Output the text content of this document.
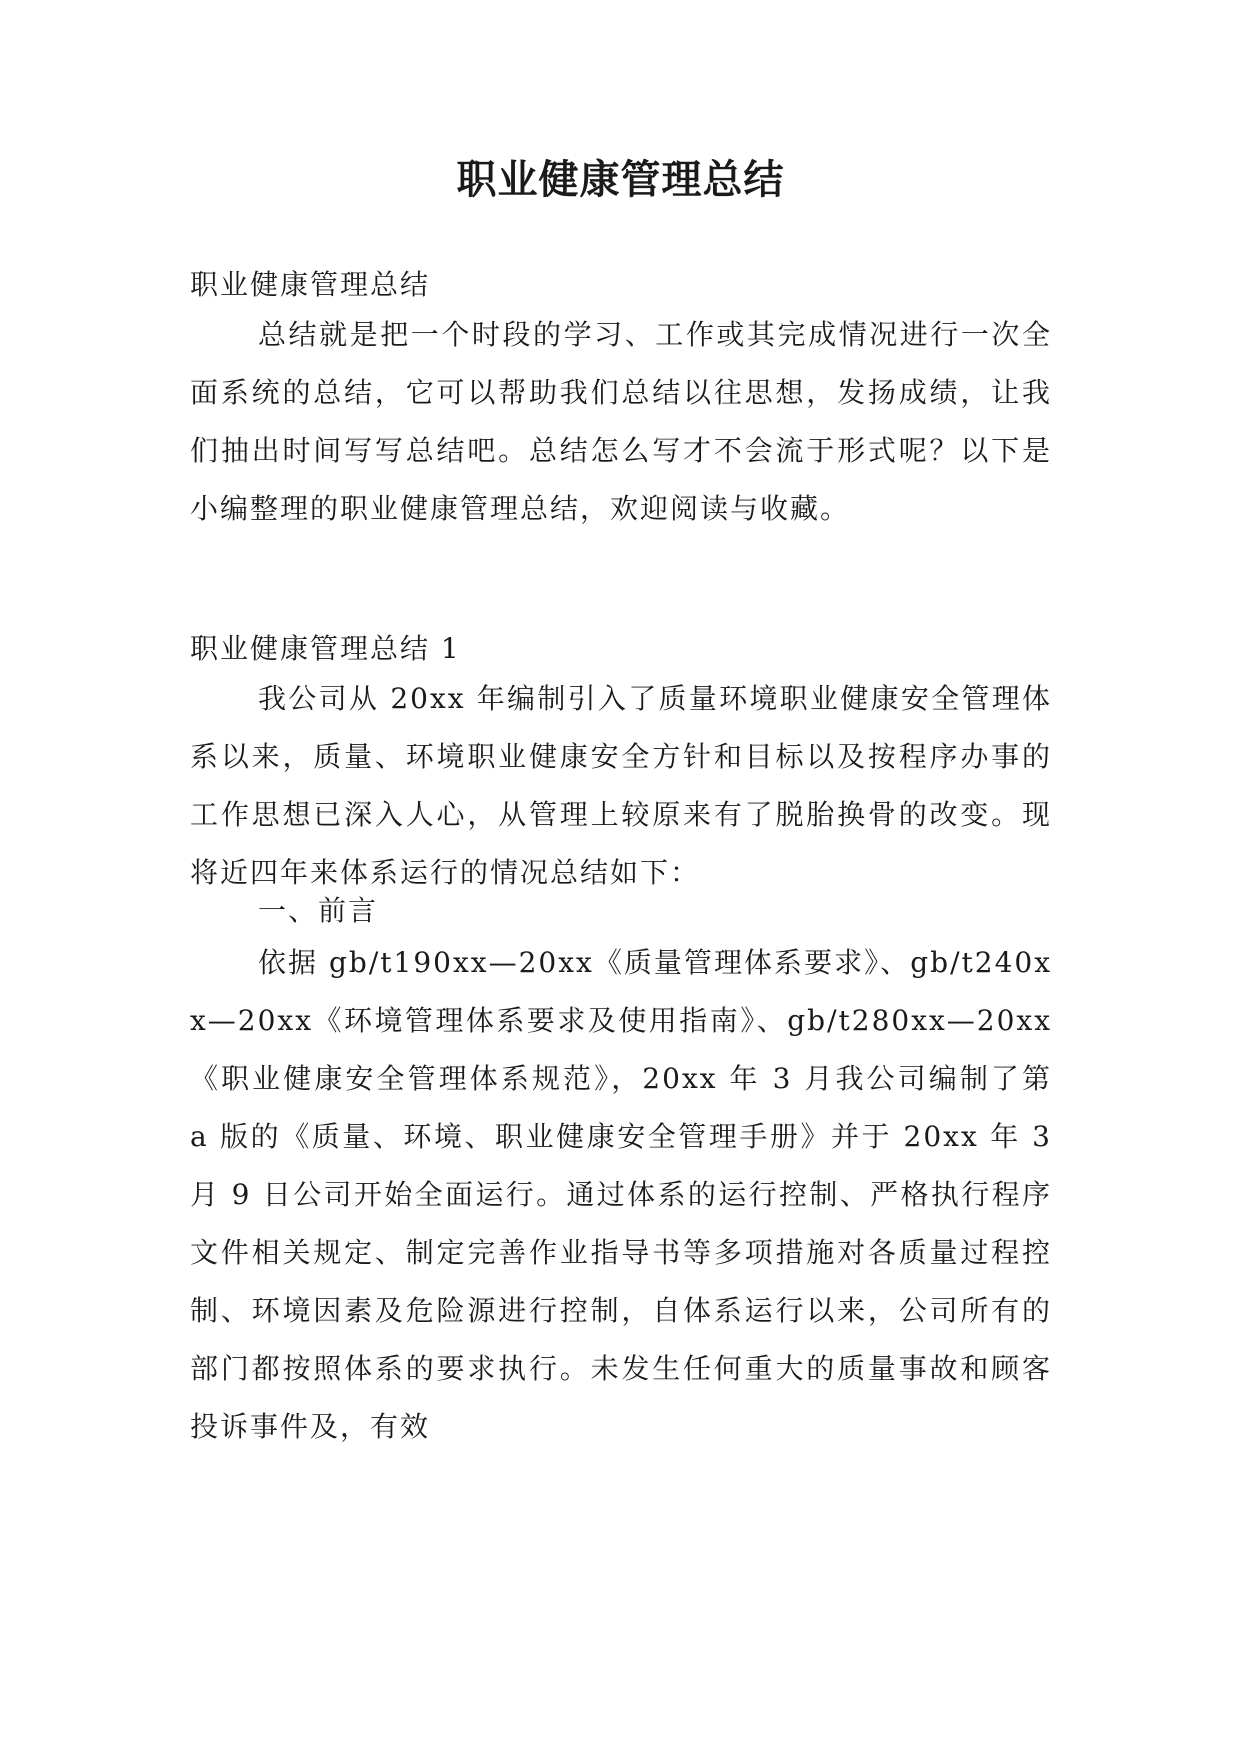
职业健康管理总结

职业健康管理总结

总结就是把一个时段的学习、工作或其完成情况进行一次全面系统的总结，它可以帮助我们总结以往思想，发扬成绩，让我们抽出时间写写总结吧。总结怎么写才不会流于形式呢？以下是小编整理的职业健康管理总结，欢迎阅读与收藏。

职业健康管理总结 1

我公司从 20xx 年编制引入了质量环境职业健康安全管理体系以来，质量、环境职业健康安全方针和目标以及按程序办事的工作思想已深入人心，从管理上较原来有了脱胎换骨的改变。现将近四年来体系运行的情况总结如下：

一、前言

依据 gb/t190xx—20xx《质量管理体系要求》、gb/t240xx—20xx《环境管理体系要求及使用指南》、gb/t280xx—20xx《职业健康安全管理体系规范》，20xx 年 3 月我公司编制了第 a 版的《质量、环境、职业健康安全管理手册》并于 20xx 年 3 月 9 日公司开始全面运行。通过体系的运行控制、严格执行程序文件相关规定、制定完善作业指导书等多项措施对各质量过程控制、环境因素及危险源进行控制，自体系运行以来，公司所有的部门都按照体系的要求执行。未发生任何重大的质量事故和顾客投诉事件及，有效
